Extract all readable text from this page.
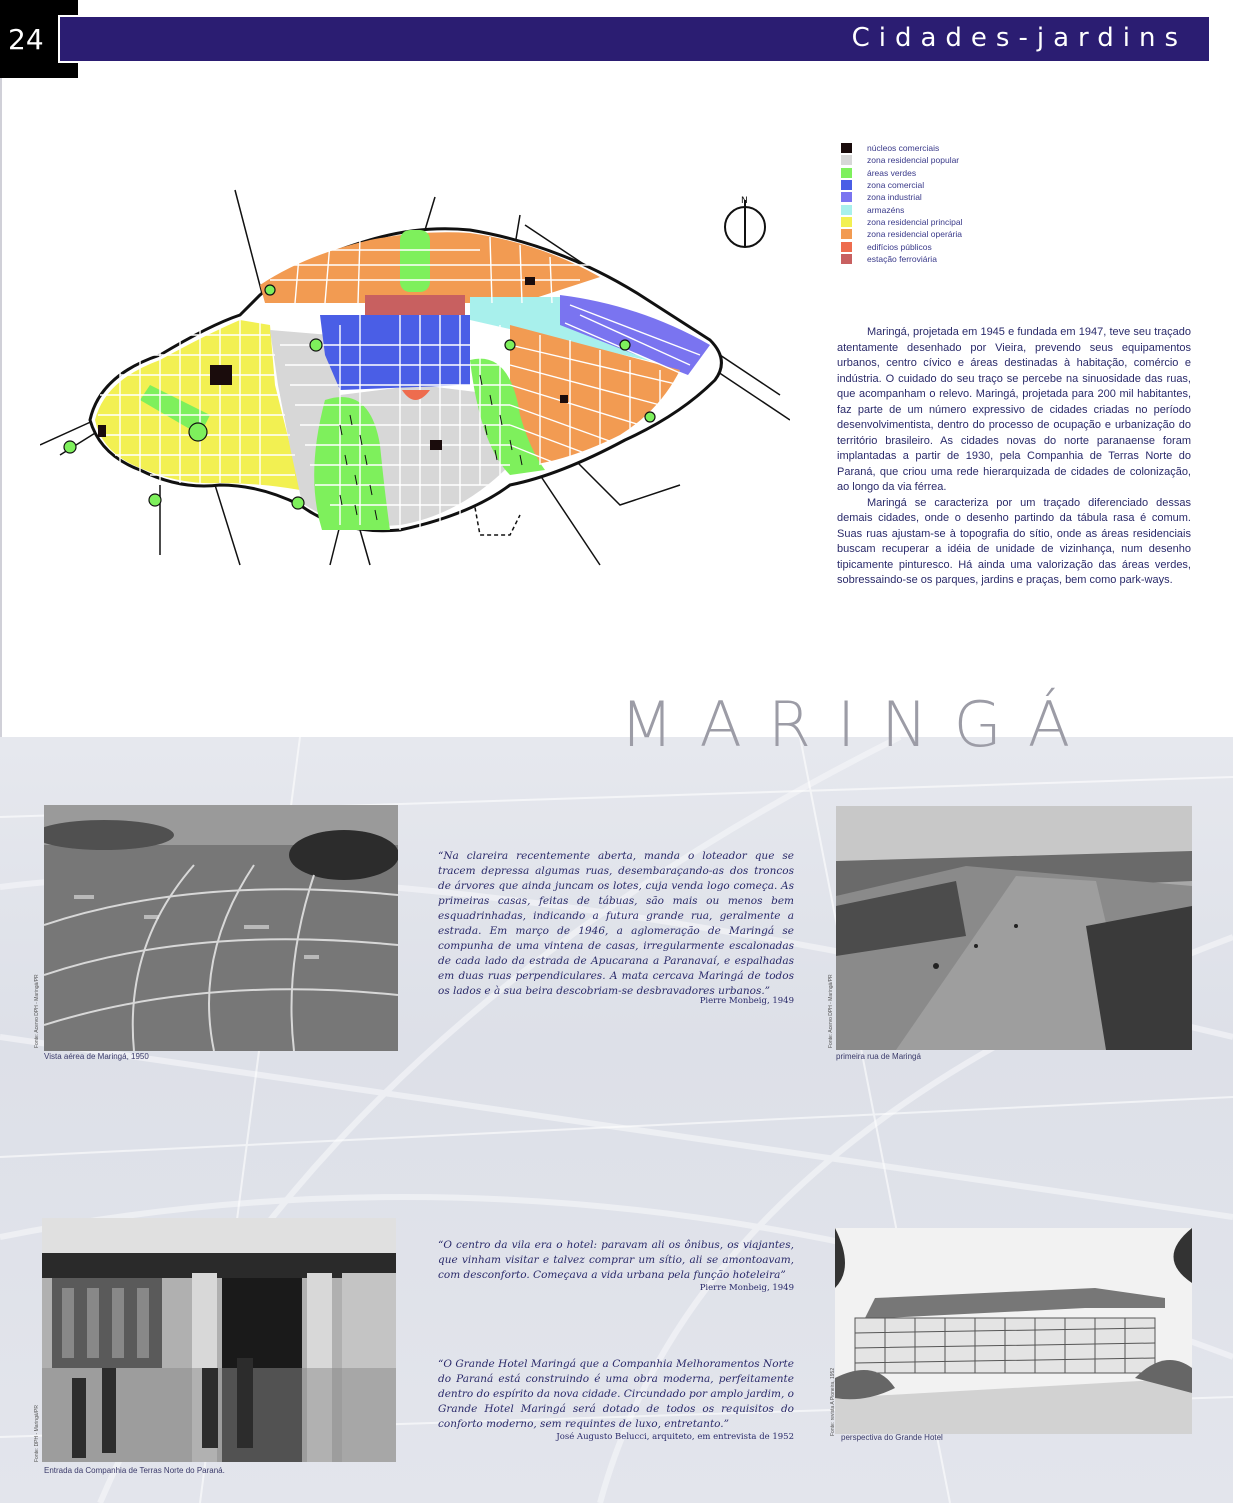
24	Cidades-jardins
N
núcleos comerciais
zona residencial popular
áreas verdes
zona comercial
zona industrial
armazéns
zona residencial principal
zona residencial operária
edifícios públicos
estação ferroviária

Maringá, projetada em 1945 e fundada em 1947, teve seu traçado atentamente desenhado por Vieira, prevendo seus equipamentos urbanos, centro cívico e áreas destinadas à habitação, comércio e indústria. O cuidado do seu traço se percebe na sinuosidade das ruas, que acompanham o relevo. Maringá, projetada para 200 mil habitantes, faz parte de um número expressivo de cidades criadas no período desenvolvimentista, dentro do processo de ocupação e urbanização do território brasileiro. As cidades novas do norte paranaense foram implantadas a partir de 1930, pela Companhia de Terras Norte do Paraná, que criou uma rede hierarquizada de cidades de colonização, ao longo da via férrea.

Maringá se caracteriza por um traçado diferenciado dessas demais cidades, onde o desenho partindo da tábula rasa é comum. Suas ruas ajustam-se à topografia do sítio, onde as áreas residenciais buscam recuperar a idéia de unidade de vizinhança, num desenho tipicamente pinturesco. Há ainda uma valorização das áreas verdes, sobressaindo-se os parques, jardins e praças, bem como park-ways.

MARINGÁ
Fonte: Acervo DPH - Maringá/PR
Vista aérea de Maringá, 1950
“Na clareira recentemente aberta, manda o loteador que se tracem depressa algumas ruas, desembaraçando-as dos troncos de árvores que ainda juncam os lotes, cuja venda logo começa. As primeiras casas, feitas de tábuas, são mais ou menos bem esquadrinhadas, indicando a futura grande rua, geralmente a estrada. Em março de 1946, a aglomeração de Maringá se compunha de uma vintena de casas, irregularmente escalonadas de cada lado da estrada de Apucarana a Paranavaí, e espalhadas em duas ruas perpendiculares. A mata cercava Maringá de todos os lados e à sua beira descobriam-se desbravadores urbanos.”
Pierre Monbeig, 1949	Fonte: Acervo DPH - Maringá/PR
primeira rua de Maringá
Fonte: DPH - Maringá/PR
Entrada da Companhia de Terras Norte do Paraná.
“O centro da vila era o hotel: paravam ali os ônibus, os viajantes, que vinham visitar e talvez comprar um sítio, ali se amontoavam, com desconforto. Começava a vida urbana pela função hoteleira”
Pierre Monbeig, 1949
“O Grande Hotel Maringá que a Companhia Melhoramentos Norte do Paraná está construindo é uma obra moderna, perfeitamente dentro do espírito da nova cidade. Circundado por amplo jardim, o Grande Hotel Maringá será dotado de todos os requisitos do conforto moderno, sem requintes de luxo, entretanto.”
José Augusto Belucci, arquiteto, em entrevista de 1952
Fonte: revista A Pioneira, 1952
perspectiva do Grande Hotel
